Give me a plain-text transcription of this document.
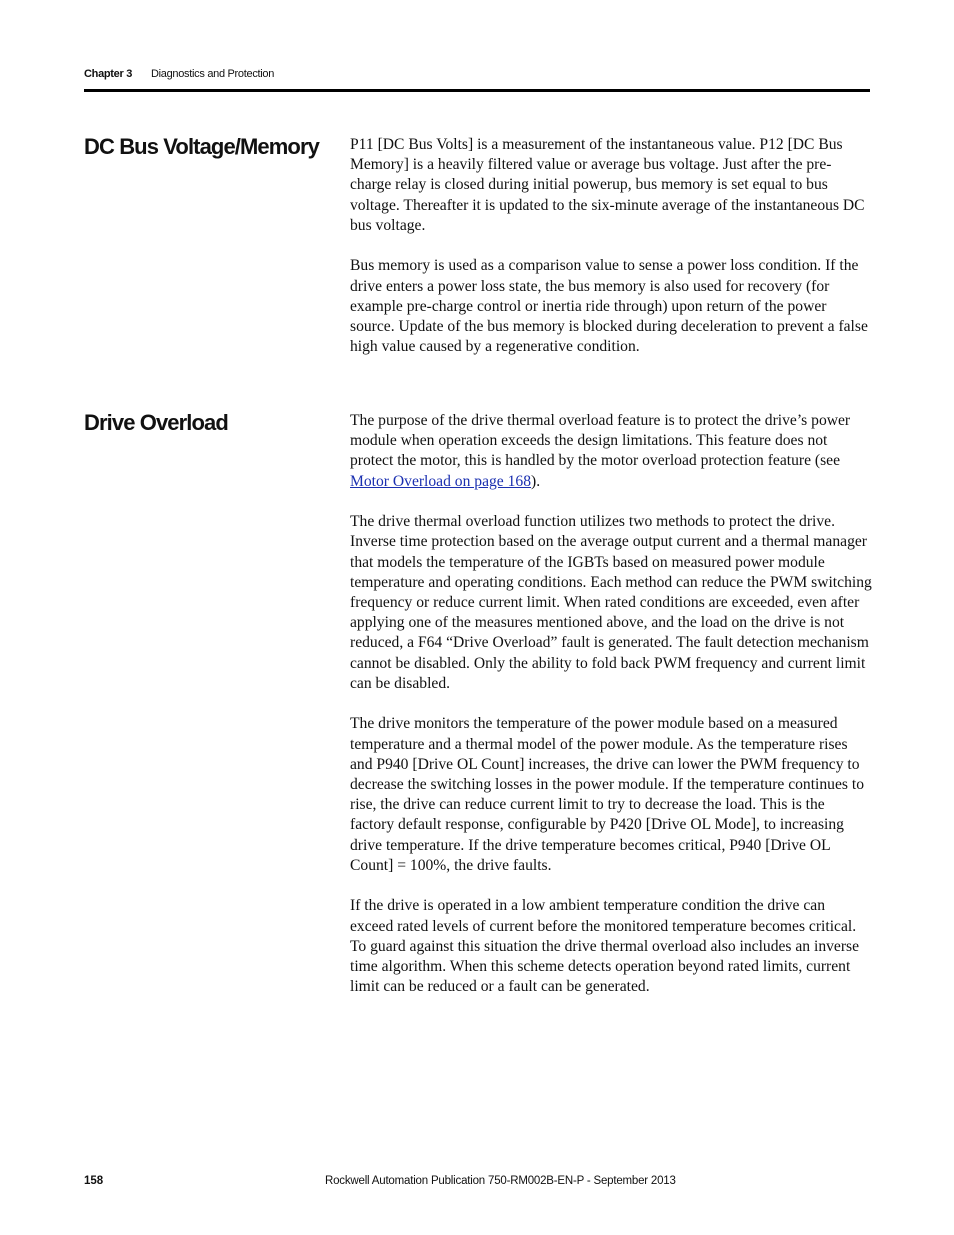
Chapter 3 Diagnostics and Protection
DC Bus Voltage/Memory P11 [DC Bus Volts] is a measurement of the instantaneous value. P12 [DC Bus Memory] is a heavily filtered value or average bus voltage. Just after the pre-charge relay is closed during initial powerup, bus memory is set equal to bus voltage. Thereafter it is updated to the six-minute average of the instantaneous DC bus voltage.

Bus memory is used as a comparison value to sense a power loss condition. If the drive enters a power loss state, the bus memory is also used for recovery (for example pre-charge control or inertia ride through) upon return of the power source. Update of the bus memory is blocked during deceleration to prevent a false high value caused by a regenerative condition.

Drive Overload	The purpose of the drive thermal overload feature is to protect the drive’s power module when operation exceeds the design limitations. This feature does not protect the motor, this is handled by the motor overload protection feature (see Motor Overload on page 168).

The drive thermal overload function utilizes two methods to protect the drive. Inverse time protection based on the average output current and a thermal manager that models the temperature of the IGBTs based on measured power module temperature and operating conditions. Each method can reduce the PWM switching frequency or reduce current limit. When rated conditions are exceeded, even after applying one of the measures mentioned above, and the load on the drive is not reduced, a F64 “Drive Overload” fault is generated. The fault detection mechanism cannot be disabled. Only the ability to fold back PWM frequency and current limit can be disabled.

The drive monitors the temperature of the power module based on a measured temperature and a thermal model of the power module. As the temperature rises and P940 [Drive OL Count] increases, the drive can lower the PWM frequency to decrease the switching losses in the power module. If the temperature continues to rise, the drive can reduce current limit to try to decrease the load. This is the factory default response, configurable by P420 [Drive OL Mode], to increasing drive temperature. If the drive temperature becomes critical, P940 [Drive OL Count] = 100%, the drive faults.

If the drive is operated in a low ambient temperature condition the drive can exceed rated levels of current before the monitored temperature becomes critical. To guard against this situation the drive thermal overload also includes an inverse time algorithm. When this scheme detects operation beyond rated limits, current limit can be reduced or a fault can be generated.

158	Rockwell Automation Publication 750-RM002B-EN-P - September 2013
